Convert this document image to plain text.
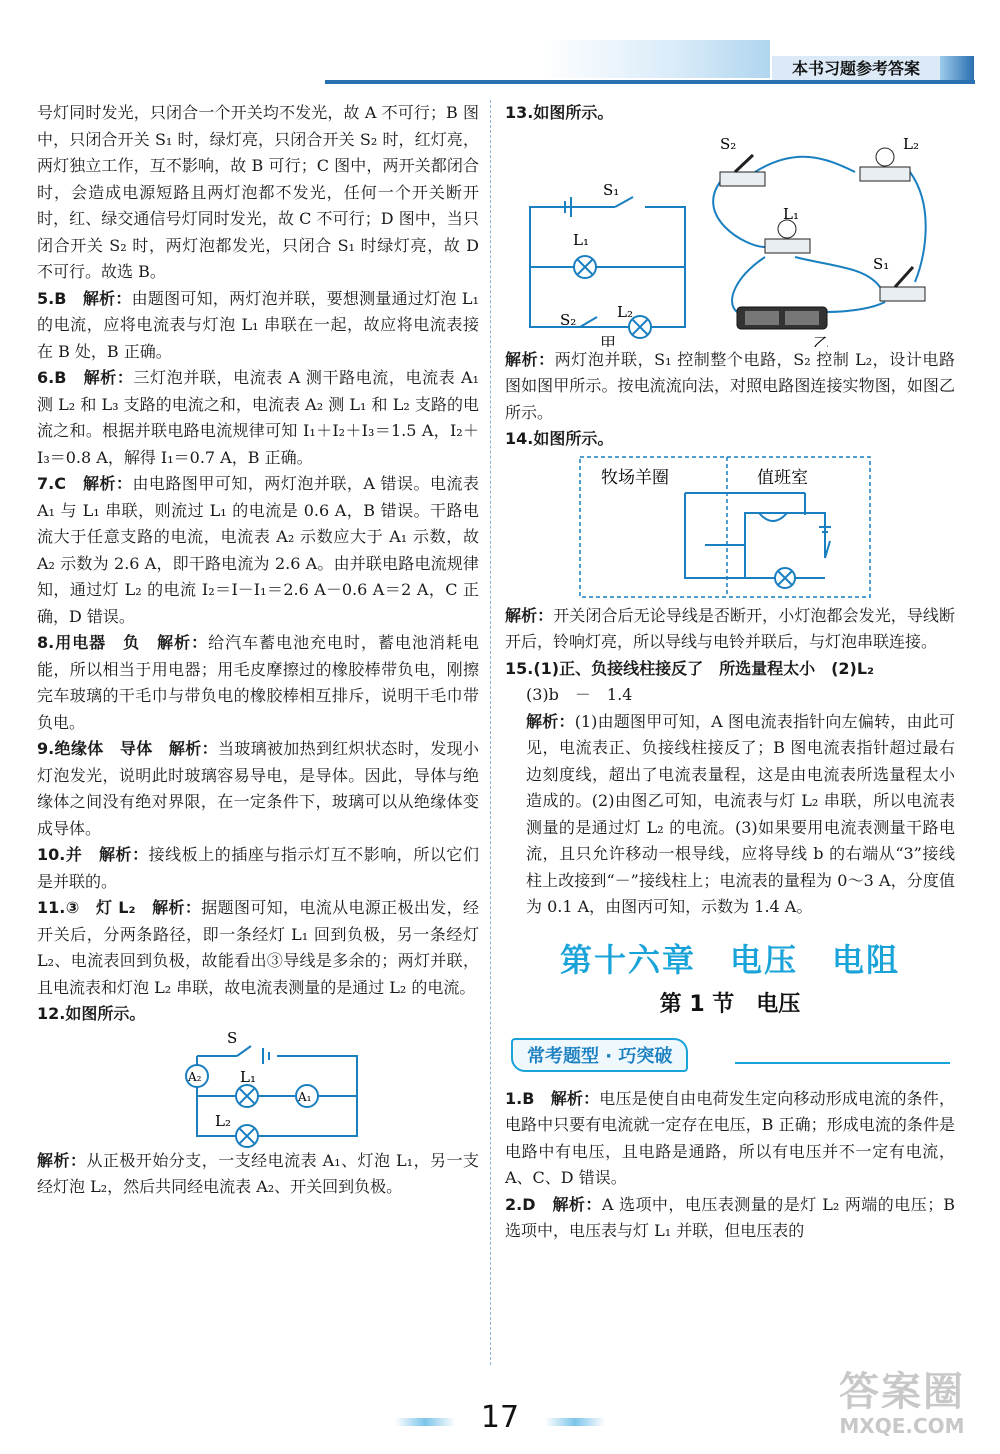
本书习题参考答案

号灯同时发光，只闭合一个开关均不发光，故 A 不可行；B 图中，只闭合开关 S₁ 时，绿灯亮，只闭合开关 S₂ 时，红灯亮，两灯独立工作，互不影响，故 B 可行；C 图中，两开关都闭合时，会造成电源短路且两灯泡都不发光，任何一个开关断开时，红、绿交通信号灯同时发光，故 C 不可行；D 图中，当只闭合开关 S₂ 时，两灯泡都发光，只闭合 S₁ 时绿灯亮，故 D 不可行。故选 B。

5.B　 解析：由题图可知，两灯泡并联，要想测量通过灯泡 L₁ 的电流，应将电流表与灯泡 L₁ 串联在一起，故应将电流表接在 B 处，B 正确。

6.B　 解析：三灯泡并联，电流表 A 测干路电流，电流表 A₁ 测 L₂ 和 L₃ 支路的电流之和，电流表 A₂ 测 L₁ 和 L₂ 支路的电流之和。根据并联电路电流规律可知 I₁＋I₂＋I₃＝1.5 A，I₂＋I₃＝0.8 A，解得 I₁＝0.7 A，B 正确。

7.C　 解析：由电路图甲可知，两灯泡并联，A 错误。电流表 A₁ 与 L₁ 串联，则流过 L₁ 的电流是 0.6 A，B 错误。干路电流大于任意支路的电流，电流表 A₂ 示数应大于 A₁ 示数，故 A₂ 示数为 2.6 A，即干路电流为 2.6 A。由并联电路电流规律知，通过灯 L₂ 的电流 I₂＝I－I₁＝2.6 A－0.6 A＝2 A，C 正确，D 错误。

8.用电器　负　 解析：给汽车蓄电池充电时，蓄电池消耗电能，所以相当于用电器；用毛皮摩擦过的橡胶棒带负电，刚擦完车玻璃的干毛巾与带负电的橡胶棒相互排斥，说明干毛巾带负电。

9.绝缘体　导体　 解析：当玻璃被加热到红炽状态时，发现小灯泡发光，说明此时玻璃容易导电，是导体。因此，导体与绝缘体之间没有绝对界限，在一定条件下，玻璃可以从绝缘体变成导体。

10.并　 解析：接线板上的插座与指示灯互不影响，所以它们是并联的。

11.③　灯 L₂　 解析：据题图可知，电流从电源正极出发，经开关后，分两条路径，即一条经灯 L₁ 回到负极，另一条经灯 L₂、电流表回到负极，故能看出③导线是多余的；两灯并联，且电流表和灯泡 L₂ 串联，故电流表测量的是通过 L₂ 的电流。

12.如图所示。

S
A₂	L₁
A₁
L₂

解析：从正极开始分支，一支经电流表 A₁、灯泡 L₁，另一支经灯泡 L₂，然后共同经电流表 A₂、开关回到负极。

13.如图所示。

S₁
L₁
S₂	L₂
甲
S₂	L₂
L₁
S₁
乙

解析：两灯泡并联，S₁ 控制整个电路，S₂ 控制 L₂，设计电路图如图甲所示。按电流流向法，对照电路图连接实物图，如图乙所示。

14.如图所示。

牧场羊圈	值班室

解析：开关闭合后无论导线是否断开，小灯泡都会发光，导线断开后，铃响灯亮，所以导线与电铃并联后，与灯泡串联连接。

15.(1)正、负接线柱接反了　所选量程太小　(2)L₂

(3)b　－　1.4

解析：(1)由题图甲可知，A 图电流表指针向左偏转，由此可见，电流表正、负接线柱接反了；B 图电流表指针超过最右边刻度线，超出了电流表量程，这是由电流表所选量程太小造成的。(2)由图乙可知，电流表与灯 L₂ 串联，所以电流表测量的是通过灯 L₂ 的电流。(3)如果要用电流表测量干路电流，且只允许移动一根导线，应将导线 b 的右端从“3”接线柱上改接到“－”接线柱上；电流表的量程为 0～3 A，分度值为 0.1 A，由图丙可知，示数为 1.4 A。

第十六章　电压　电阻
第 1 节　电压
常考题型 · 巧突破

1.B　 解析：电压是使自由电荷发生定向移动形成电流的条件，电路中只要有电流就一定存在电压，B 正确；形成电流的条件是电路中有电压，且电路是通路，所以有电压并不一定有电流，A、C、D 错误。

2.D　 解析：A 选项中，电压表测量的是灯 L₂ 两端的电压；B 选项中，电压表与灯 L₁ 并联，但电压表的

17
答案圈
MXQE.COM
